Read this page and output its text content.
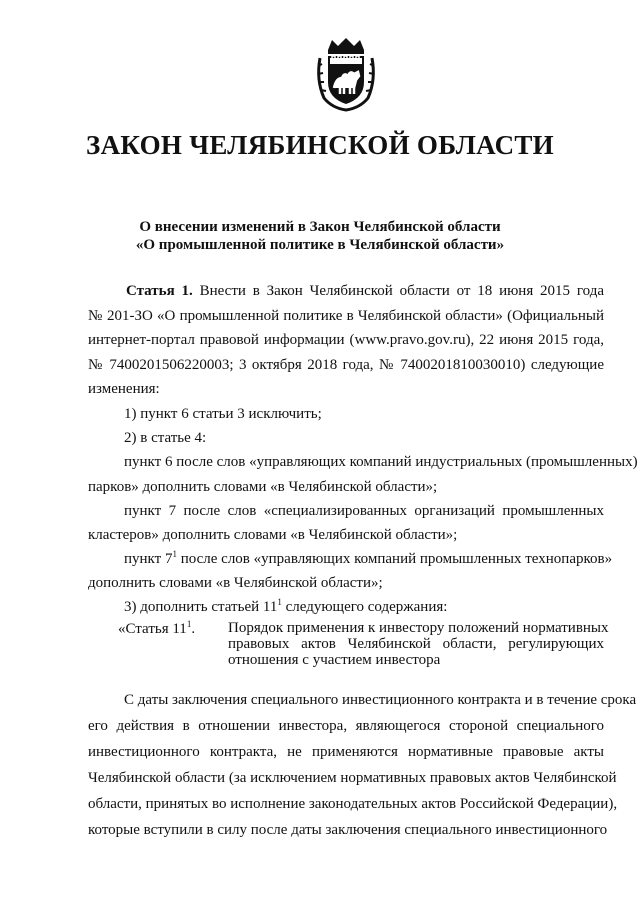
ЗАКОН ЧЕЛЯБИНСКОЙ ОБЛАСТИ
О внесении изменений в Закон Челябинской области
«О промышленной политике в Челябинской области»
Статья 1. Внести в Закон Челябинской области от 18 июня 2015 года
№ 201-ЗО «О промышленной политике в Челябинской области» (Официальный
интернет-портал правовой информации (www.pravo.gov.ru), 22 июня 2015 года,
№ 7400201506220003; 3 октября 2018 года, № 7400201810030010) следующие
изменения:
1) пункт 6 статьи 3 исключить;
2) в статье 4:
пункт 6 после слов «управляющих компаний индустриальных (промышленных)
парков» дополнить словами «в Челябинской области»;
пункт 7 после слов «специализированных организаций промышленных
кластеров» дополнить словами «в Челябинской области»;
пункт $7^1$ после слов «управляющих компаний промышленных технопарков»
дополнить словами «в Челябинской области»;
3) дополнить статьей $11^1$ следующего содержания:
«Статья $11^1$. Порядок применения к инвестору положений нормативных
правовых актов Челябинской области, регулирующих
отношения с участием инвестора
С даты заключения специального инвестиционного контракта и в течение срока
его действия в отношении инвестора, являющегося стороной специального
инвестиционного контракта, не применяются нормативные правовые акты
Челябинской области (за исключением нормативных правовых актов Челябинской
области, принятых во исполнение законодательных актов Российской Федерации),
которые вступили в силу после даты заключения специального инвестиционного
